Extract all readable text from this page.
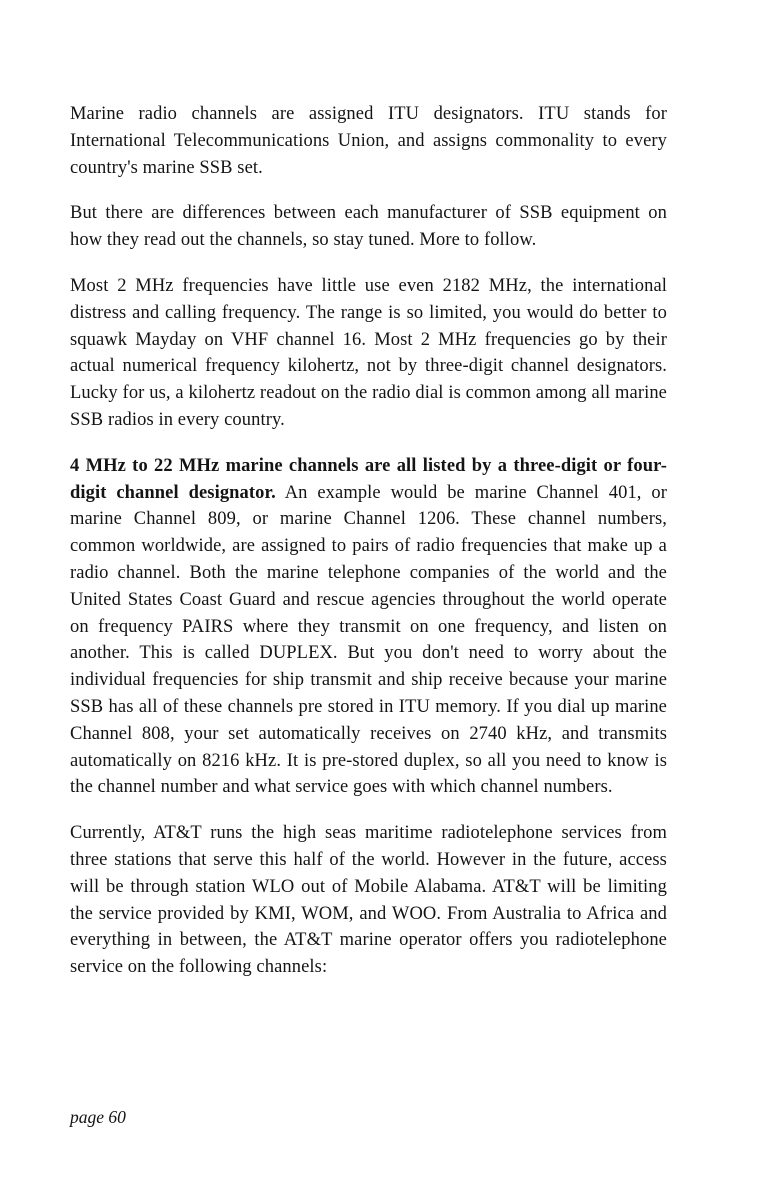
Marine radio channels are assigned ITU designators. ITU stands for International Telecommunications Union, and assigns commonality to every country's marine SSB set.

But there are differences between each manufacturer of SSB equipment on how they read out the channels, so stay tuned. More to follow.

Most 2 MHz frequencies have little use even 2182 MHz, the international distress and calling frequency. The range is so limited, you would do better to squawk Mayday on VHF channel 16. Most 2 MHz frequencies go by their actual numerical frequency kilohertz, not by three-digit channel designators. Lucky for us, a kilohertz readout on the radio dial is common among all marine SSB radios in every country.

4 MHz to 22 MHz marine channels are all listed by a three-digit or four-digit channel designator. An example would be marine Channel 401, or marine Channel 809, or marine Channel 1206. These channel numbers, common worldwide, are assigned to pairs of radio frequencies that make up a radio channel. Both the marine telephone companies of the world and the United States Coast Guard and rescue agencies throughout the world operate on frequency PAIRS where they transmit on one frequency, and listen on another. This is called DUPLEX. But you don't need to worry about the individual frequencies for ship transmit and ship receive because your marine SSB has all of these channels pre stored in ITU memory. If you dial up marine Channel 808, your set automatically receives on 2740 kHz, and transmits automatically on 8216 kHz. It is pre-stored duplex, so all you need to know is the channel number and what service goes with which channel numbers.

Currently, AT&T runs the high seas maritime radiotelephone services from three stations that serve this half of the world. However in the future, access will be through station WLO out of Mobile Alabama. AT&T will be limiting the service provided by KMI, WOM, and WOO. From Australia to Africa and everything in between, the AT&T marine operator offers you radiotelephone service on the following channels:

page 60
